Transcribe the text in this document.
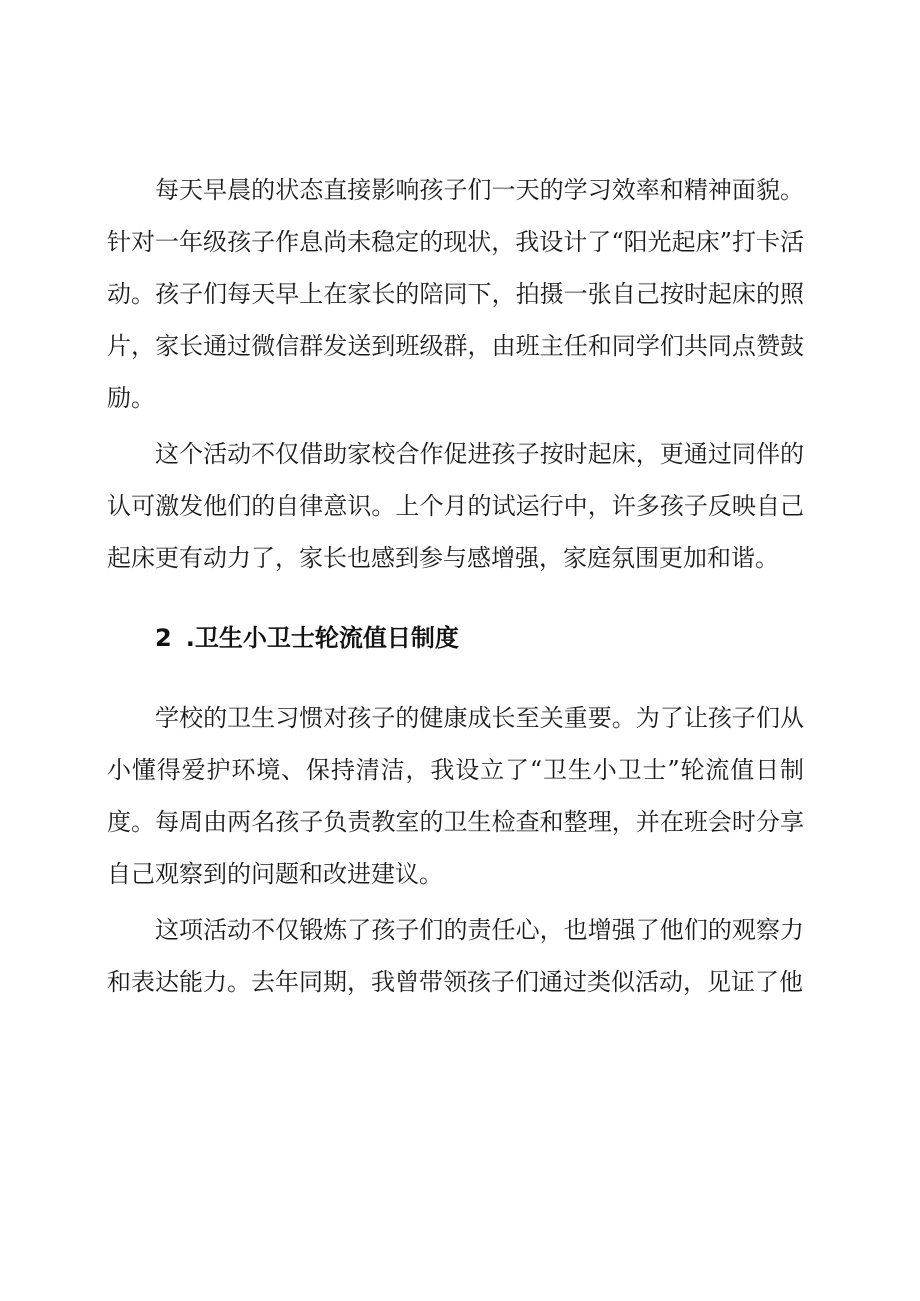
每天早晨的状态直接影响孩子们一天的学习效率和精神面貌。针对一年级孩子作息尚未稳定的现状，我设计了“阳光起床”打卡活动。孩子们每天早上在家长的陪同下，拍摄一张自己按时起床的照片，家长通过微信群发送到班级群，由班主任和同学们共同点赞鼓励。

这个活动不仅借助家校合作促进孩子按时起床，更通过同伴的认可激发他们的自律意识。上个月的试运行中，许多孩子反映自己起床更有动力了，家长也感到参与感增强，家庭氛围更加和谐。

2 .卫生小卫士轮流值日制度

学校的卫生习惯对孩子的健康成长至关重要。为了让孩子们从小懂得爱护环境、保持清洁，我设立了“卫生小卫士”轮流值日制度。每周由两名孩子负责教室的卫生检查和整理，并在班会时分享自己观察到的问题和改进建议。

这项活动不仅锻炼了孩子们的责任心，也增强了他们的观察力和表达能力。去年同期，我曾带领孩子们通过类似活动，见证了他
